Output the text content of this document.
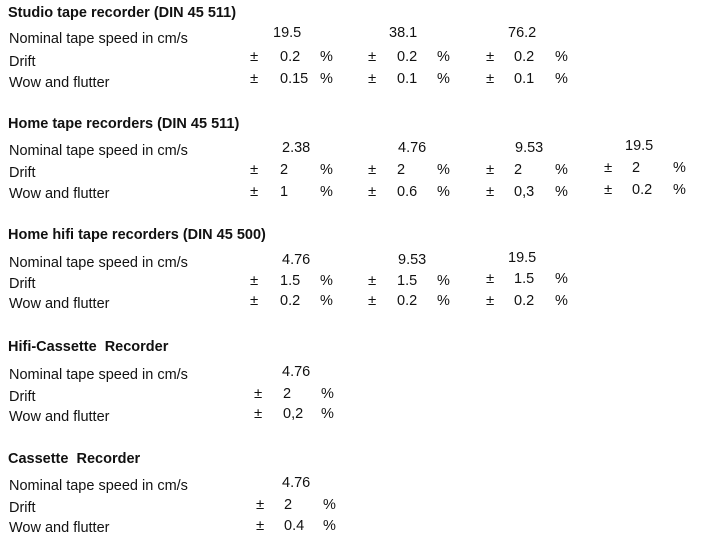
Studio tape recorder (DIN 45 511)
Nominal tape speed in cm/s
Drift
Wow and flutter
19.5
± 0.2 %
± 0.15 %
38.1
± 0.2 %
± 0.1 %
76.2
± 0.2 %
± 0.1 %
Home tape recorders (DIN 45 511)
Nominal tape speed in cm/s
Drift
Wow and flutter
2.38
± 2 %
± 1 %
4.76
± 2 %
± 0.6 %
9.53
± 2 %
± 0,3 %
19.5
± 2 %
± 0.2 %
Home hifi tape recorders (DIN 45 500)
Nominal tape speed in cm/s
Drift
Wow and flutter
4.76
± 1.5 %
± 0.2 %
9.53
± 1.5 %
± 0.2 %
19.5
± 1.5 %
± 0.2 %
Hifi-Cassette  Recorder
Nominal tape speed in cm/s
Drift
Wow and flutter
4.76
± 2 %
± 0,2 %
Cassette  Recorder
Nominal tape speed in cm/s
Drift
Wow and flutter
4.76
± 2 %
± 0.4 %
